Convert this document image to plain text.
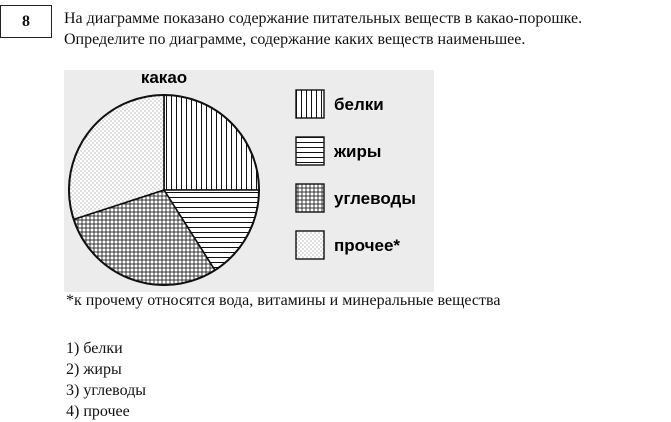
8	На диаграмме показано содержание питательных веществ в какао-порошке.
Определите по диаграмме, содержание каких веществ наименьшее.
какао
белки
жиры
углеводы
прочее*
*к прочему относятся вода, витамины и минеральные вещества
1) белки
2) жиры
3) углеводы
4) прочее
